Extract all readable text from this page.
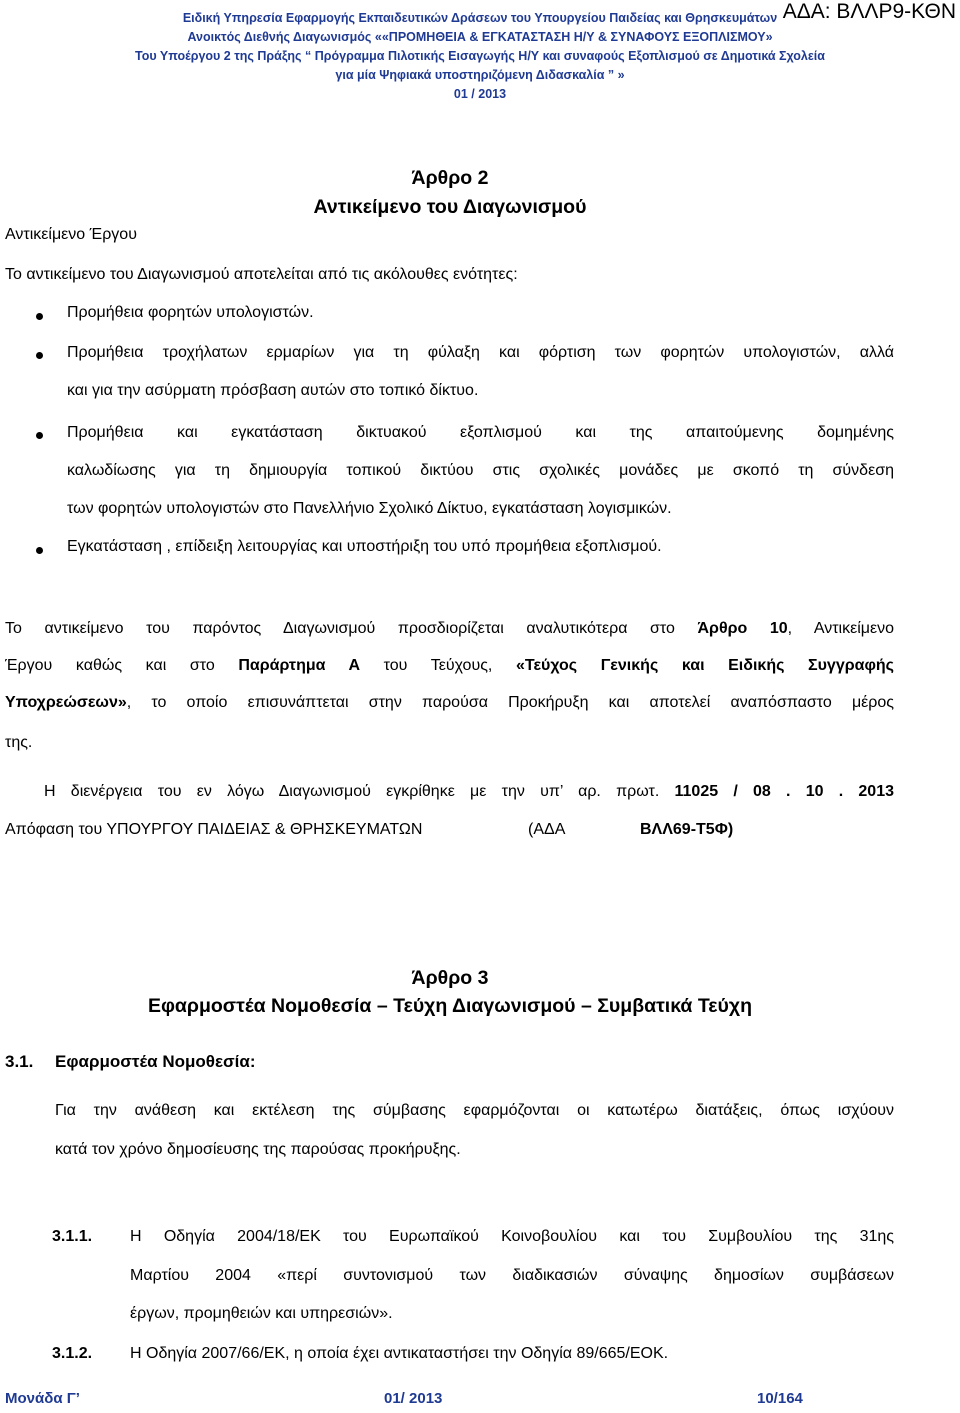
Ειδική Υπηρεσία Εφαρμογής Εκπαιδευτικών Δράσεων του Υπουργείου Παιδείας και Θρησκευμάτων ΑΔΑ: ΒΛΛΡ9-ΚΘΝ
Ανοικτός Διεθνής Διαγωνισμός ««ΠΡΟΜΗΘΕΙΑ & ΕΓΚΑΤΑΣΤΑΣΗ Η/Υ & ΣΥΝΑΦΟΥΣ ΕΞΟΠΛΙΣΜΟΥ»
Του Υποέργου 2 της Πράξης “ Πρόγραμμα Πιλοτικής Εισαγωγής Η/Υ και συναφούς Εξοπλισμού σε Δημοτικά Σχολεία
για μία Ψηφιακά υποστηριζόμενη Διδασκαλία ” »
01 / 2013
Άρθρο 2
Αντικείμενο του Διαγωνισμού
Αντικείμενο Έργου
Το αντικείμενο του Διαγωνισμού αποτελείται από τις ακόλουθες ενότητες:
Προμήθεια φορητών υπολογιστών.
Προμήθεια τροχήλατων ερμαρίων για τη φύλαξη και φόρτιση των φορητών υπολογιστών, αλλά
και για την ασύρματη πρόσβαση αυτών στο τοπικό δίκτυο.
Προμήθεια και εγκατάσταση δικτυακού εξοπλισμού και της απαιτούμενης δομημένης
καλωδίωσης για τη δημιουργία τοπικού δικτύου στις σχολικές μονάδες με σκοπό τη σύνδεση
των φορητών υπολογιστών στο Πανελλήνιο Σχολικό Δίκτυο, εγκατάσταση λογισμικών.
Εγκατάσταση , επίδειξη λειτουργίας και υποστήριξη του υπό προμήθεια εξοπλισμού.
Το αντικείμενο του παρόντος Διαγωνισμού προσδιορίζεται αναλυτικότερα στο Άρθρο 10, Αντικείμενο
Έργου καθώς και στο Παράρτημα Α του Τεύχους, «Τεύχος Γενικής και Ειδικής Συγγραφής
Υποχρεώσεων», το οποίο επισυνάπτεται στην παρούσα Προκήρυξη και αποτελεί αναπόσπαστο μέρος
της.
Η διενέργεια του εν λόγω Διαγωνισμού εγκρίθηκε με την υπ’ αρ. πρωτ. 11025 / 08 . 10 . 2013
Απόφαση του ΥΠΟΥΡΓΟΥ ΠΑΙΔΕΙΑΣ & ΘΡΗΣΚΕΥΜΑΤΩΝ	(ΑΔΑ	ΒΛΛ69-Τ5Φ)
Άρθρο 3
Εφαρμοστέα Νομοθεσία – Τεύχη Διαγωνισμού – Συμβατικά Τεύχη
3.1. Εφαρμοστέα Νομοθεσία:
Για την ανάθεση και εκτέλεση της σύμβασης εφαρμόζονται οι κατωτέρω διατάξεις, όπως ισχύουν
κατά τον χρόνο δημοσίευσης της παρούσας προκήρυξης.
3.1.1. Η Οδηγία 2004/18/ΕΚ του Ευρωπαϊκού Κοινοβουλίου και του Συμβουλίου της 31ης
Μαρτίου 2004 «περί συντονισμού των διαδικασιών σύναψης δημοσίων συμβάσεων
έργων, προμηθειών και υπηρεσιών».
3.1.2. Η Οδηγία 2007/66/ΕΚ, η οποία έχει αντικαταστήσει την Οδηγία 89/665/ΕΟΚ.
Μονάδα Γ’	01/ 2013	10/164
